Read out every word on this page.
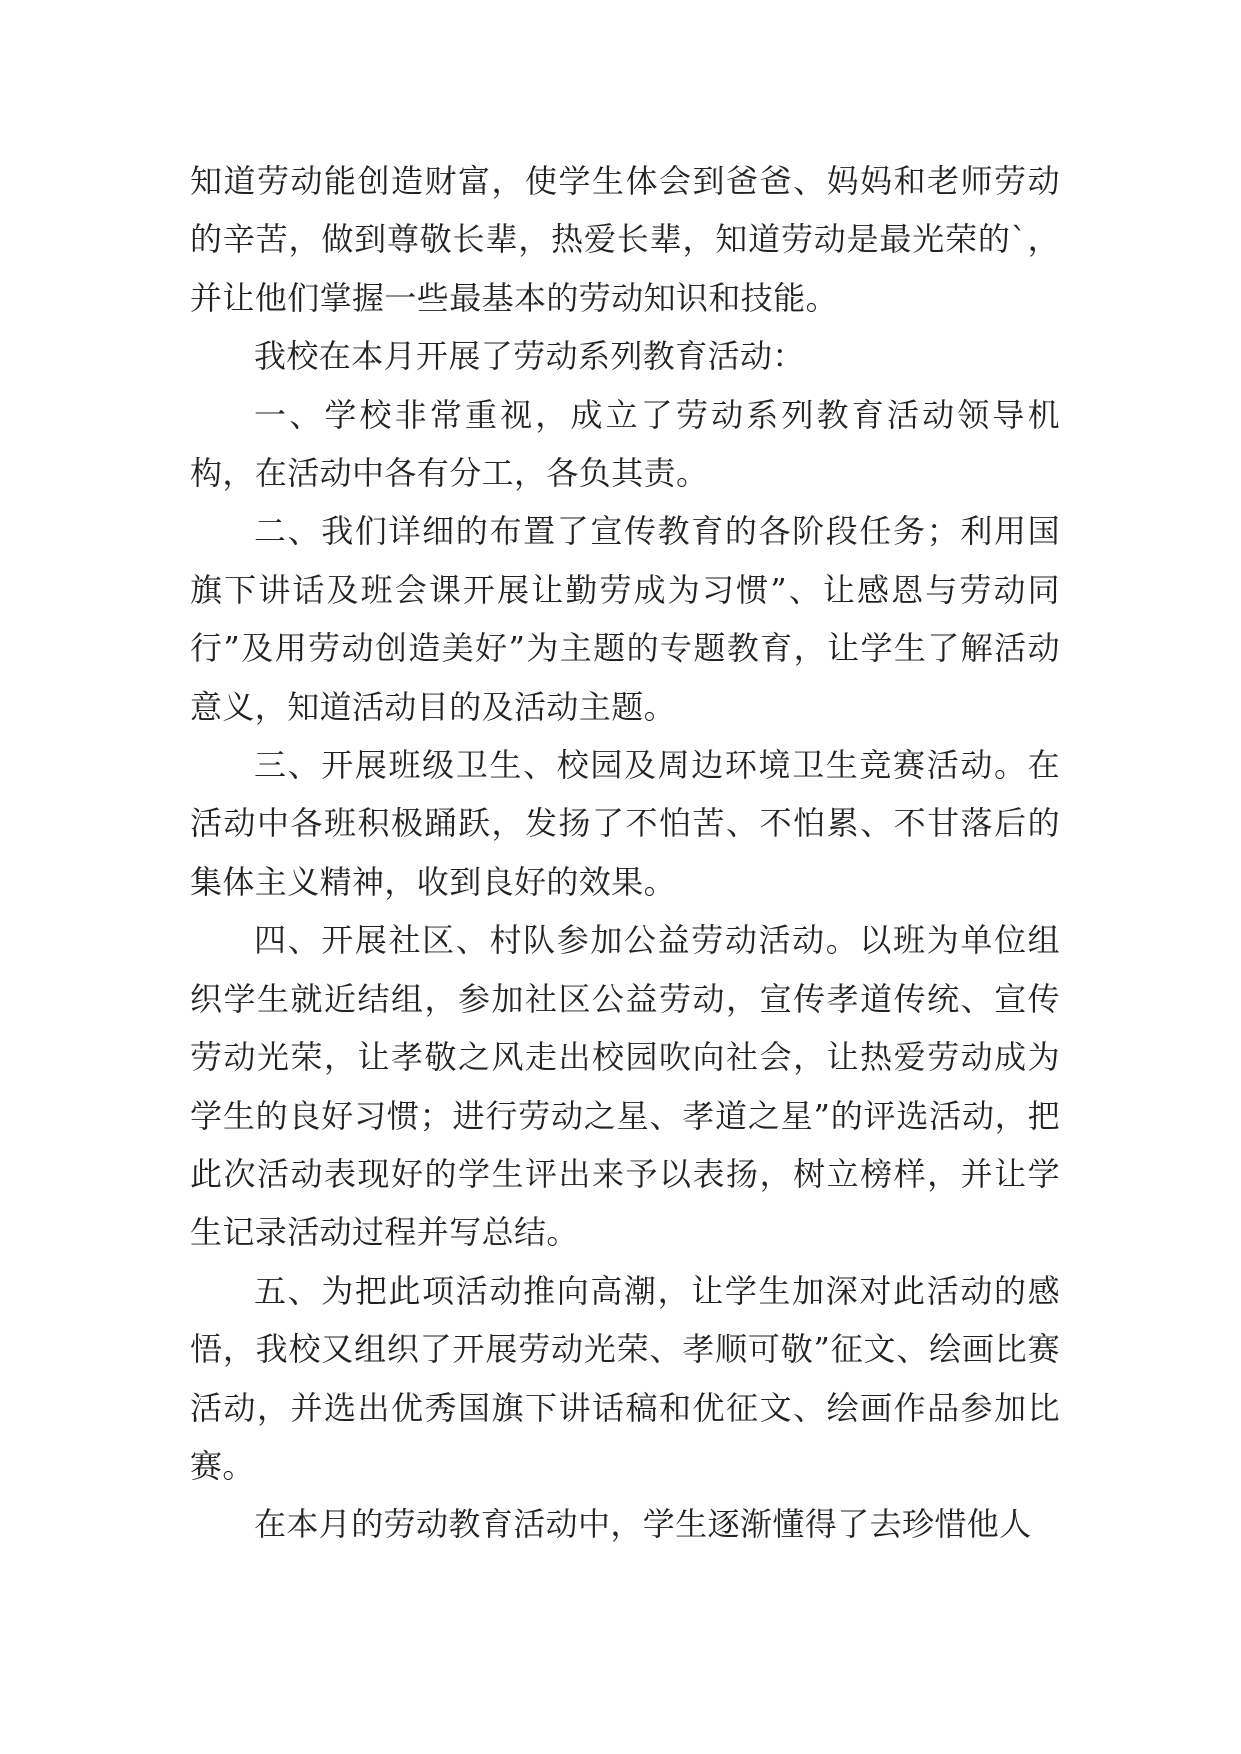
知道劳动能创造财富，使学生体会到爸爸、妈妈和老师劳动的辛苦，做到尊敬长辈，热爱长辈，知道劳动是最光荣的`，并让他们掌握一些最基本的劳动知识和技能。

我校在本月开展了劳动系列教育活动：

一、学校非常重视，成立了劳动系列教育活动领导机构，在活动中各有分工，各负其责。

二、我们详细的布置了宣传教育的各阶段任务；利用国旗下讲话及班会课开展让勤劳成为习惯”、让感恩与劳动同行”及用劳动创造美好”为主题的专题教育，让学生了解活动意义，知道活动目的及活动主题。

三、开展班级卫生、校园及周边环境卫生竞赛活动。在活动中各班积极踊跃，发扬了不怕苦、不怕累、不甘落后的集体主义精神，收到良好的效果。

四、开展社区、村队参加公益劳动活动。以班为单位组织学生就近结组，参加社区公益劳动，宣传孝道传统、宣传劳动光荣，让孝敬之风走出校园吹向社会，让热爱劳动成为学生的良好习惯；进行劳动之星、孝道之星”的评选活动，把此次活动表现好的学生评出来予以表扬，树立榜样，并让学生记录活动过程并写总结。

五、为把此项活动推向高潮，让学生加深对此活动的感悟，我校又组织了开展劳动光荣、孝顺可敬”征文、绘画比赛活动，并选出优秀国旗下讲话稿和优征文、绘画作品参加比赛。

在本月的劳动教育活动中，学生逐渐懂得了去珍惜他人
